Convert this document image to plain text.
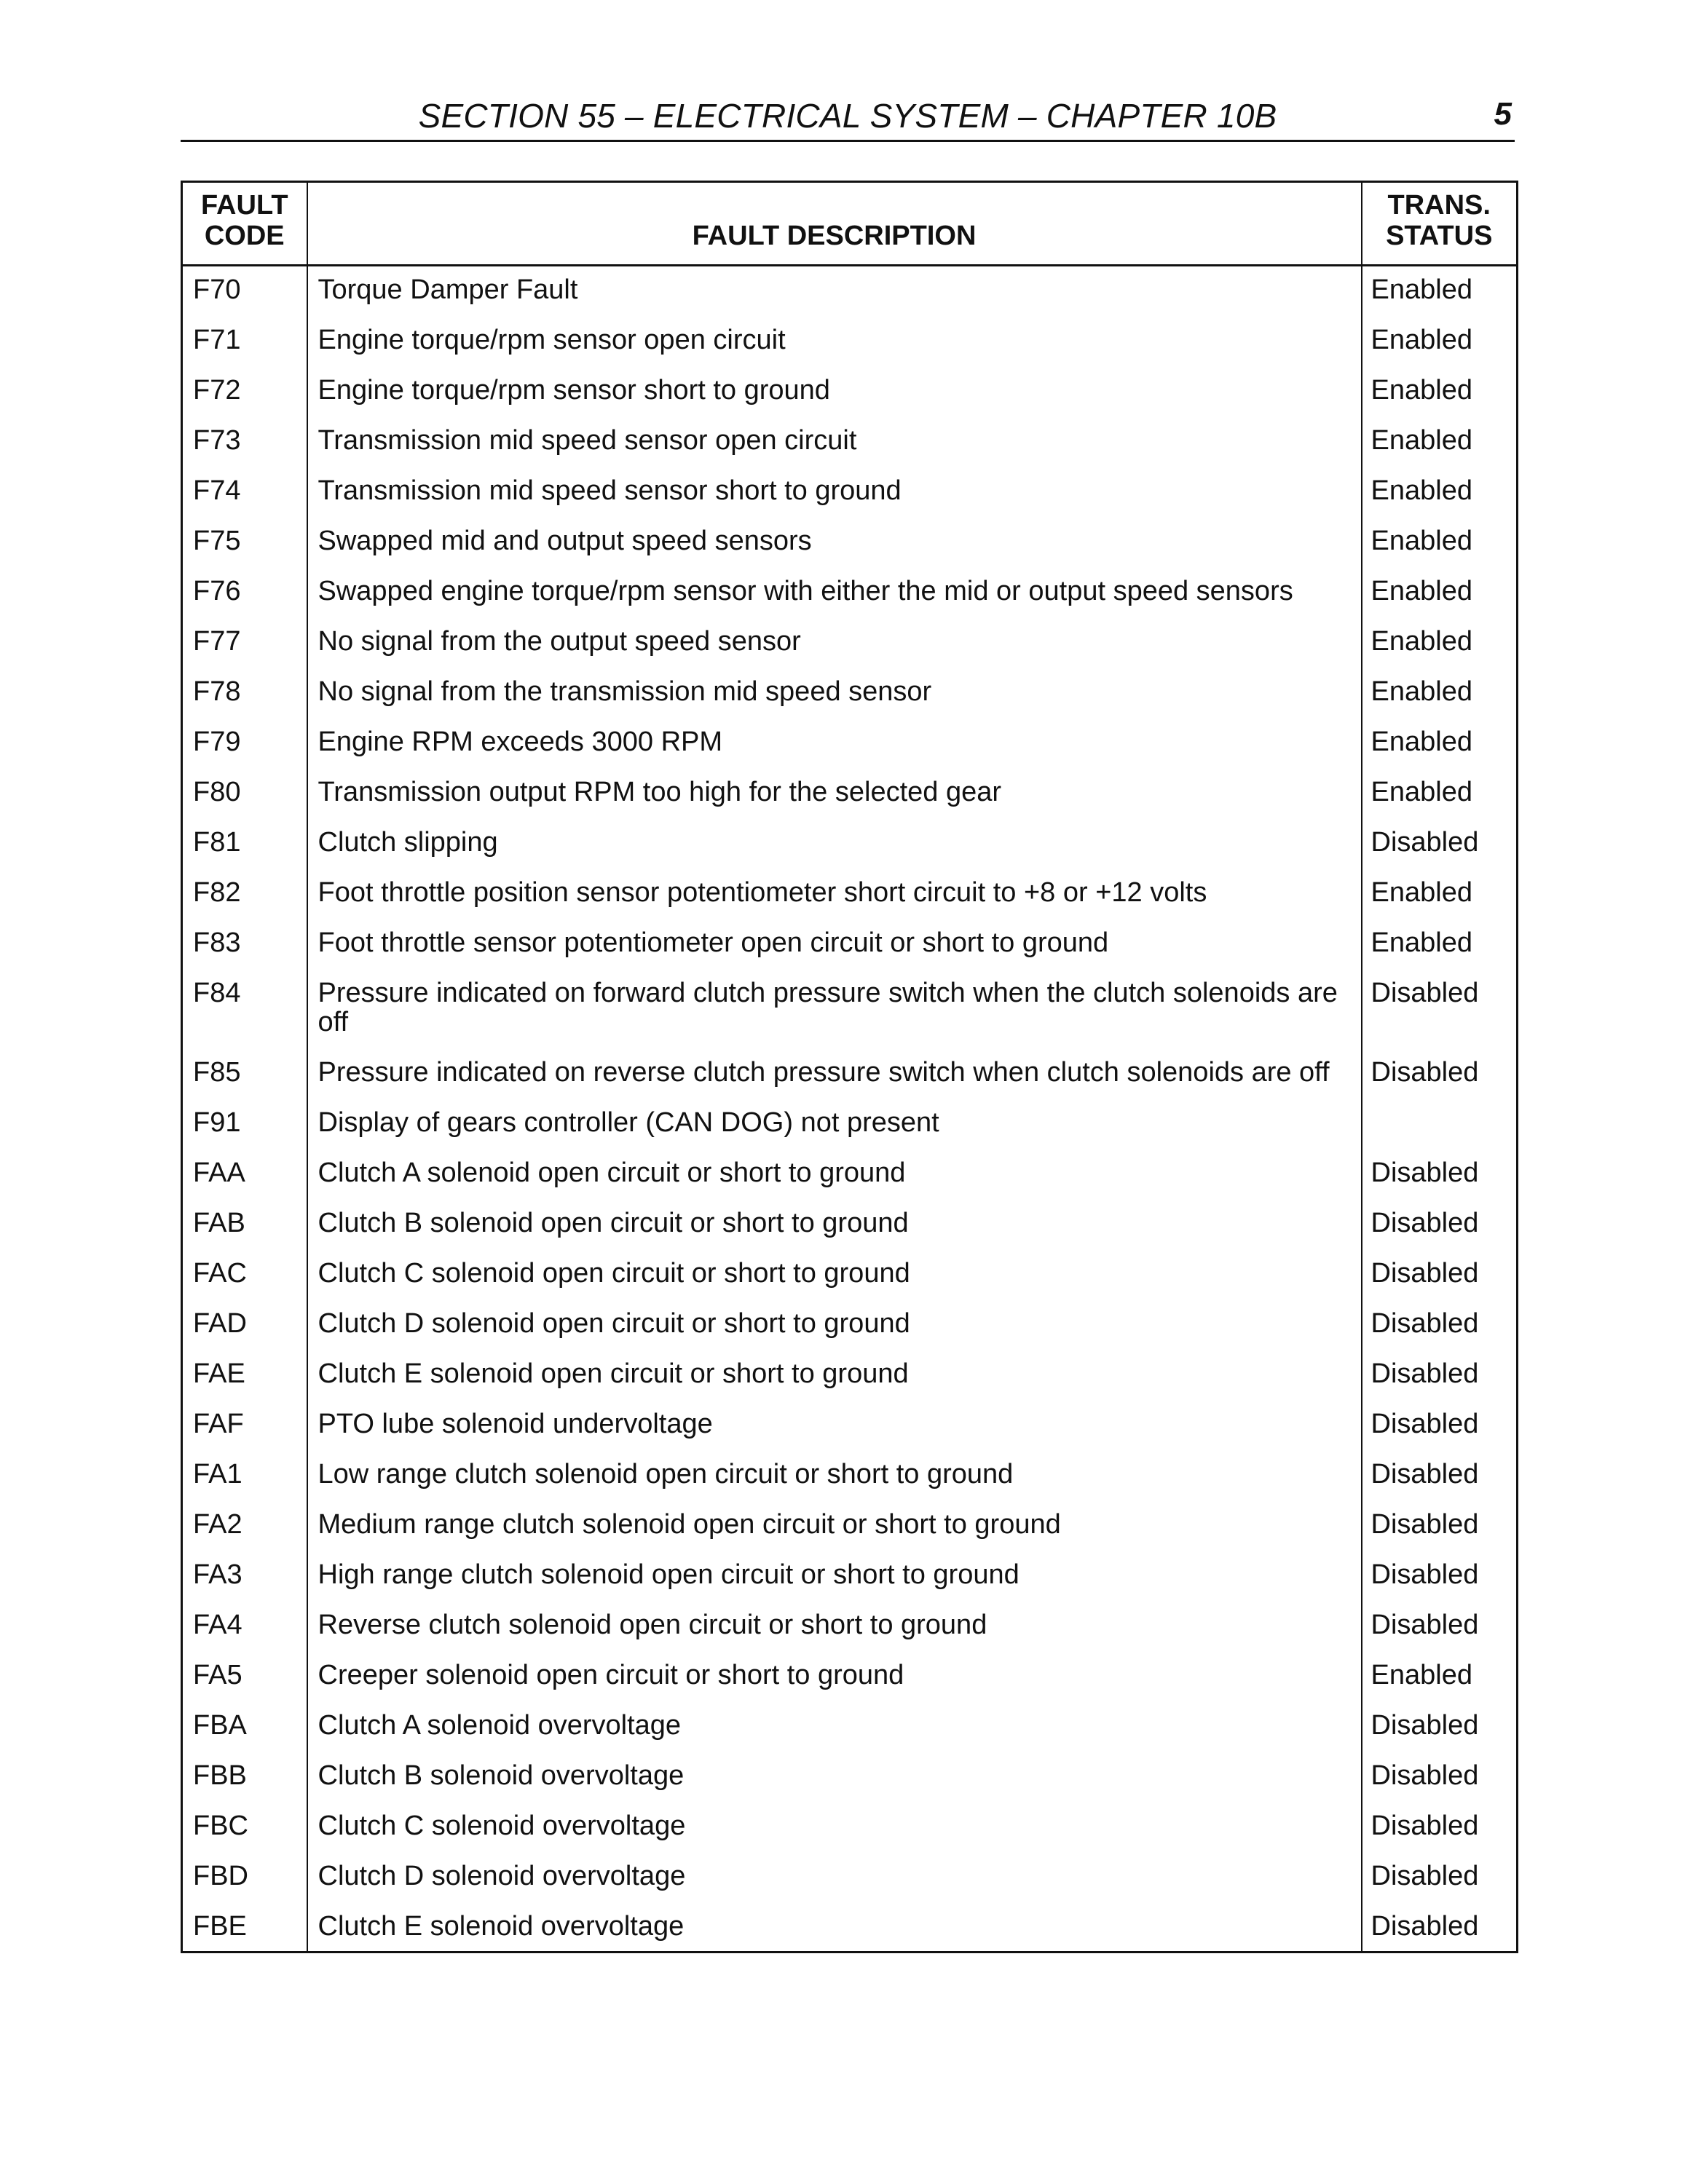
SECTION 55 – ELECTRICAL SYSTEM – CHAPTER 10B	5
FAULT
CODE	FAULT DESCRIPTION	TRANS.
STATUS
F70	Torque Damper Fault	Enabled
F71	Engine torque/rpm sensor open circuit	Enabled
F72	Engine torque/rpm sensor short to ground	Enabled
F73	Transmission mid speed sensor open circuit	Enabled
F74	Transmission mid speed sensor short to ground	Enabled
F75	Swapped mid and output speed sensors	Enabled
F76	Swapped engine torque/rpm sensor with either the mid or output speed sensors	Enabled
F77	No signal from the output speed sensor	Enabled
F78	No signal from the transmission mid speed sensor	Enabled
F79	Engine RPM exceeds 3000 RPM	Enabled
F80	Transmission output RPM too high for the selected gear	Enabled
F81	Clutch slipping	Disabled
F82	Foot throttle position sensor potentiometer short circuit to +8 or +12 volts	Enabled
F83	Foot throttle sensor potentiometer open circuit or short to ground	Enabled
F84	Pressure indicated on forward clutch pressure switch when the clutch solenoids are off	Disabled
F85	Pressure indicated on reverse clutch pressure switch when clutch solenoids are off	Disabled
F91	Display of gears controller (CAN DOG) not present	
FAA	Clutch A solenoid open circuit or short to ground	Disabled
FAB	Clutch B solenoid open circuit or short to ground	Disabled
FAC	Clutch C solenoid open circuit or short to ground	Disabled
FAD	Clutch D solenoid open circuit or short to ground	Disabled
FAE	Clutch E solenoid open circuit or short to ground	Disabled
FAF	PTO lube solenoid undervoltage	Disabled
FA1	Low range clutch solenoid open circuit or short to ground	Disabled
FA2	Medium range clutch solenoid open circuit or short to ground	Disabled
FA3	High range clutch solenoid open circuit or short to ground	Disabled
FA4	Reverse clutch solenoid open circuit or short to ground	Disabled
FA5	Creeper solenoid open circuit or short to ground	Enabled
FBA	Clutch A solenoid overvoltage	Disabled
FBB	Clutch B solenoid overvoltage	Disabled
FBC	Clutch C solenoid overvoltage	Disabled
FBD	Clutch D solenoid overvoltage	Disabled
FBE	Clutch E solenoid overvoltage	Disabled
